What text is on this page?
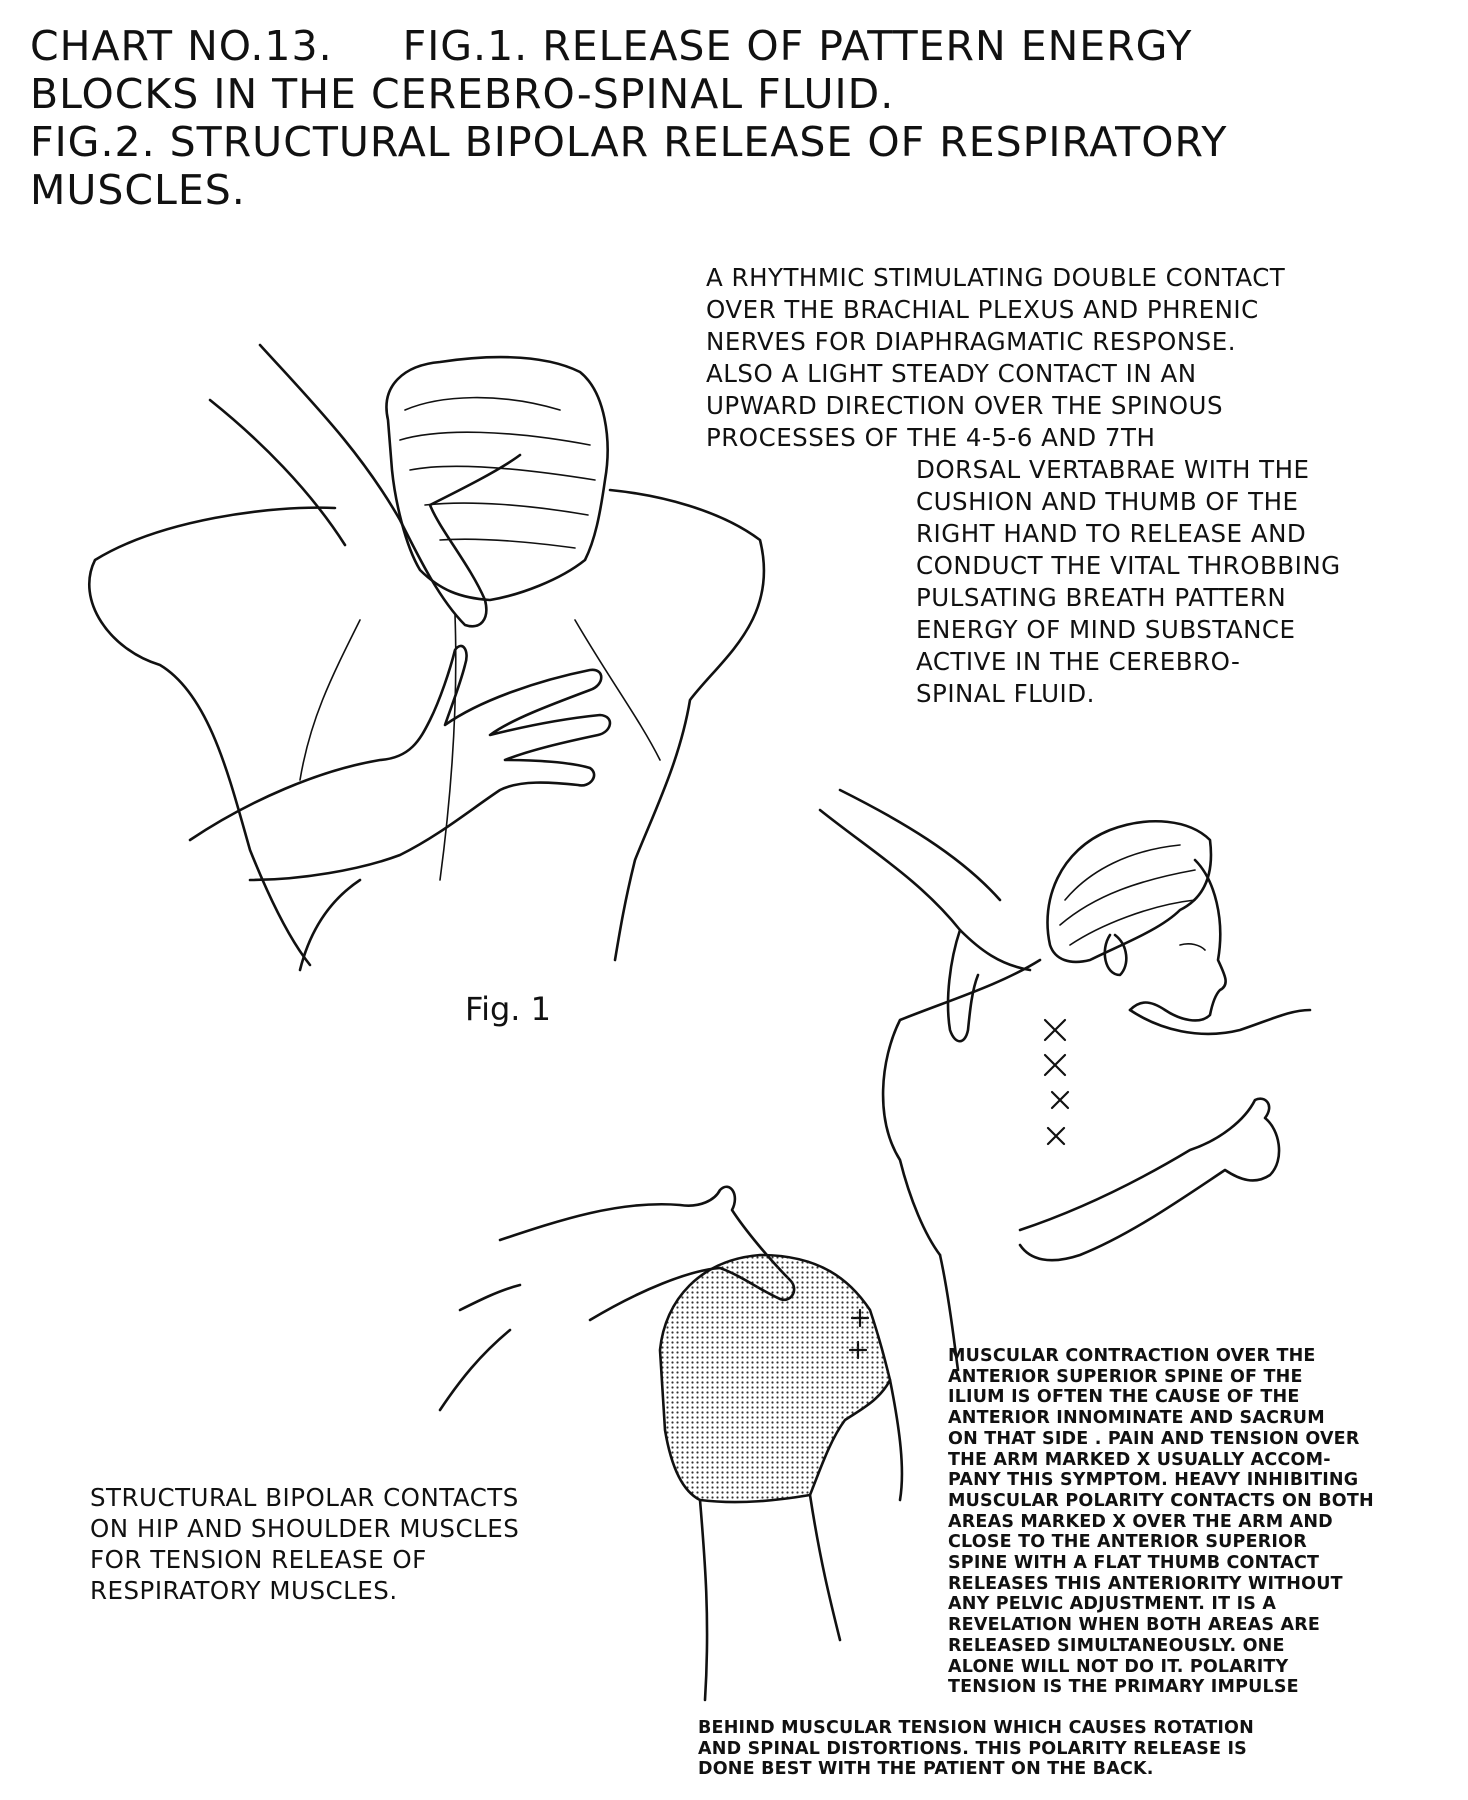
CHART NO.13. FIG.1. RELEASE OF PATTERN ENERGY
BLOCKS IN THE CEREBRO-SPINAL FLUID.
FIG.2. STRUCTURAL BIPOLAR RELEASE OF RESPIRATORY
MUSCLES.
A RHYTHMIC STIMULATING DOUBLE CONTACT
OVER THE BRACHIAL PLEXUS AND PHRENIC
NERVES FOR DIAPHRAGMATIC RESPONSE.
ALSO A LIGHT STEADY CONTACT IN AN
UPWARD DIRECTION OVER THE SPINOUS
PROCESSES OF THE 4-5-6 AND 7TH
DORSAL VERTABRAE WITH THE
CUSHION AND THUMB OF THE
RIGHT HAND TO RELEASE AND
CONDUCT THE VITAL THROBBING
PULSATING BREATH PATTERN
ENERGY OF MIND SUBSTANCE
ACTIVE IN THE CEREBRO-
SPINAL FLUID.
Fig. 1
STRUCTURAL BIPOLAR CONTACTS
ON HIP AND SHOULDER MUSCLES
FOR TENSION RELEASE OF
RESPIRATORY MUSCLES.
MUSCULAR CONTRACTION OVER THE
ANTERIOR SUPERIOR SPINE OF THE
ILIUM IS OFTEN THE CAUSE OF THE
ANTERIOR INNOMINATE AND SACRUM
ON THAT SIDE . PAIN AND TENSION OVER
THE ARM MARKED X USUALLY ACCOM-
PANY THIS SYMPTOM. HEAVY INHIBITING
MUSCULAR POLARITY CONTACTS ON BOTH
AREAS MARKED X OVER THE ARM AND
CLOSE TO THE ANTERIOR SUPERIOR
SPINE WITH A FLAT THUMB CONTACT
RELEASES THIS ANTERIORITY WITHOUT
ANY PELVIC ADJUSTMENT. IT IS A
REVELATION WHEN BOTH AREAS ARE
RELEASED SIMULTANEOUSLY. ONE
ALONE WILL NOT DO IT. POLARITY
TENSION IS THE PRIMARY IMPULSE
BEHIND MUSCULAR TENSION WHICH CAUSES ROTATION
AND SPINAL DISTORTIONS. THIS POLARITY RELEASE IS
DONE BEST WITH THE PATIENT ON THE BACK.
